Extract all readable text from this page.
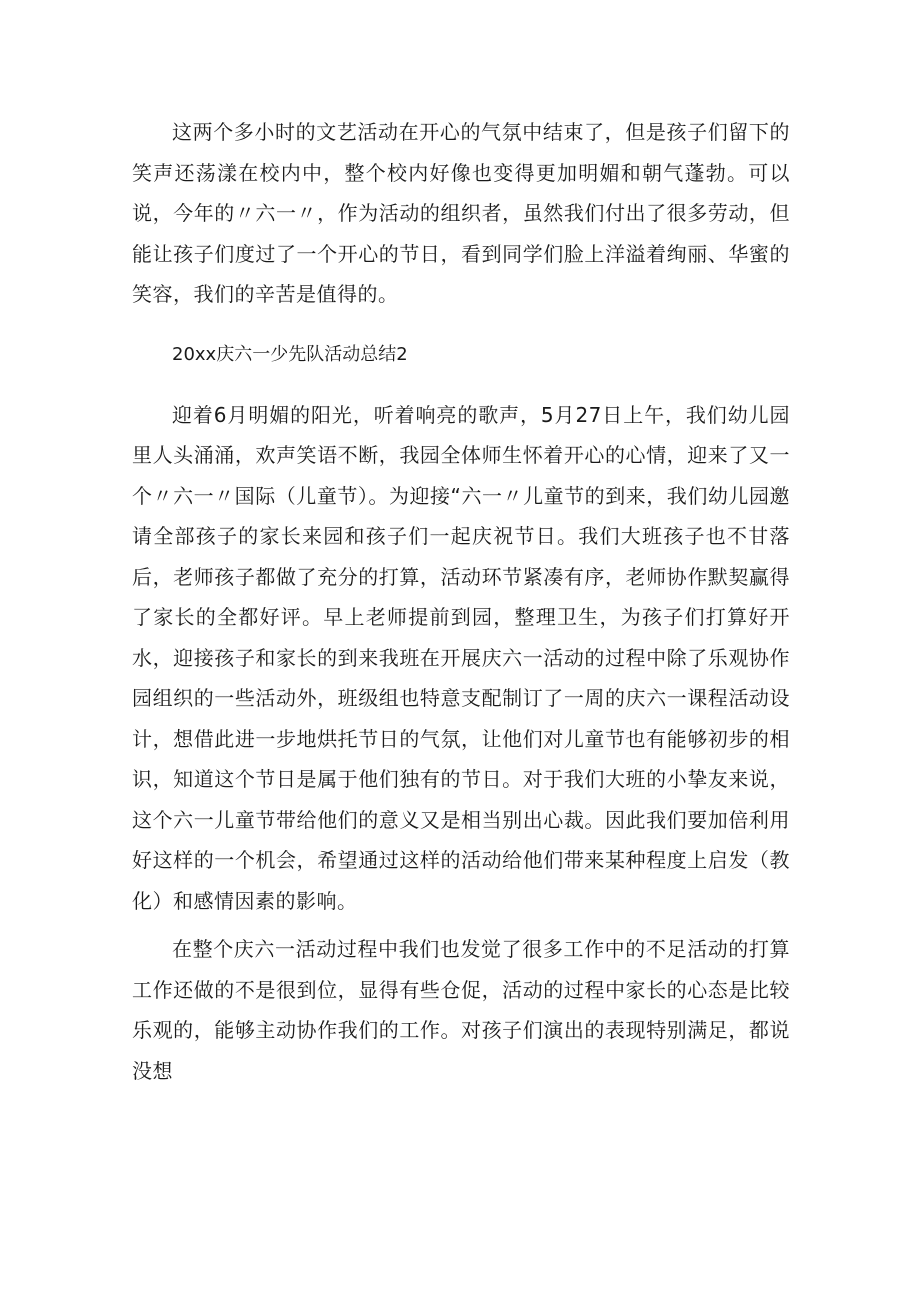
这两个多小时的文艺活动在开心的气氛中结束了，但是孩子们留下的笑声还荡漾在校内中，整个校内好像也变得更加明媚和朝气蓬勃。可以说，今年的〃六一〃，作为活动的组织者，虽然我们付出了很多劳动，但能让孩子们度过了一个开心的节日，看到同学们脸上洋溢着绚丽、华蜜的笑容，我们的辛苦是值得的。

20xx庆六一少先队活动总结2

迎着6月明媚的阳光，听着响亮的歌声，5月27日上午，我们幼儿园里人头涌涌，欢声笑语不断，我园全体师生怀着开心的心情，迎来了又一个〃六一〃国际（儿童节）。为迎接“六一〃儿童节的到来，我们幼儿园邀请全部孩子的家长来园和孩子们一起庆祝节日。我们大班孩子也不甘落后，老师孩子都做了充分的打算，活动环节紧凑有序，老师协作默契赢得了家长的全都好评。早上老师提前到园，整理卫生，为孩子们打算好开水，迎接孩子和家长的到来我班在开展庆六一活动的过程中除了乐观协作园组织的一些活动外，班级组也特意支配制订了一周的庆六一课程活动设计，想借此进一步地烘托节日的气氛，让他们对儿童节也有能够初步的相识，知道这个节日是属于他们独有的节日。对于我们大班的小挚友来说，这个六一儿童节带给他们的意义又是相当别出心裁。因此我们要加倍利用好这样的一个机会，希望通过这样的活动给他们带来某种程度上启发（教化）和感情因素的影响。

在整个庆六一活动过程中我们也发觉了很多工作中的不足活动的打算工作还做的不是很到位，显得有些仓促，活动的过程中家长的心态是比较乐观的，能够主动协作我们的工作。对孩子们演出的表现特别满足，都说没想
